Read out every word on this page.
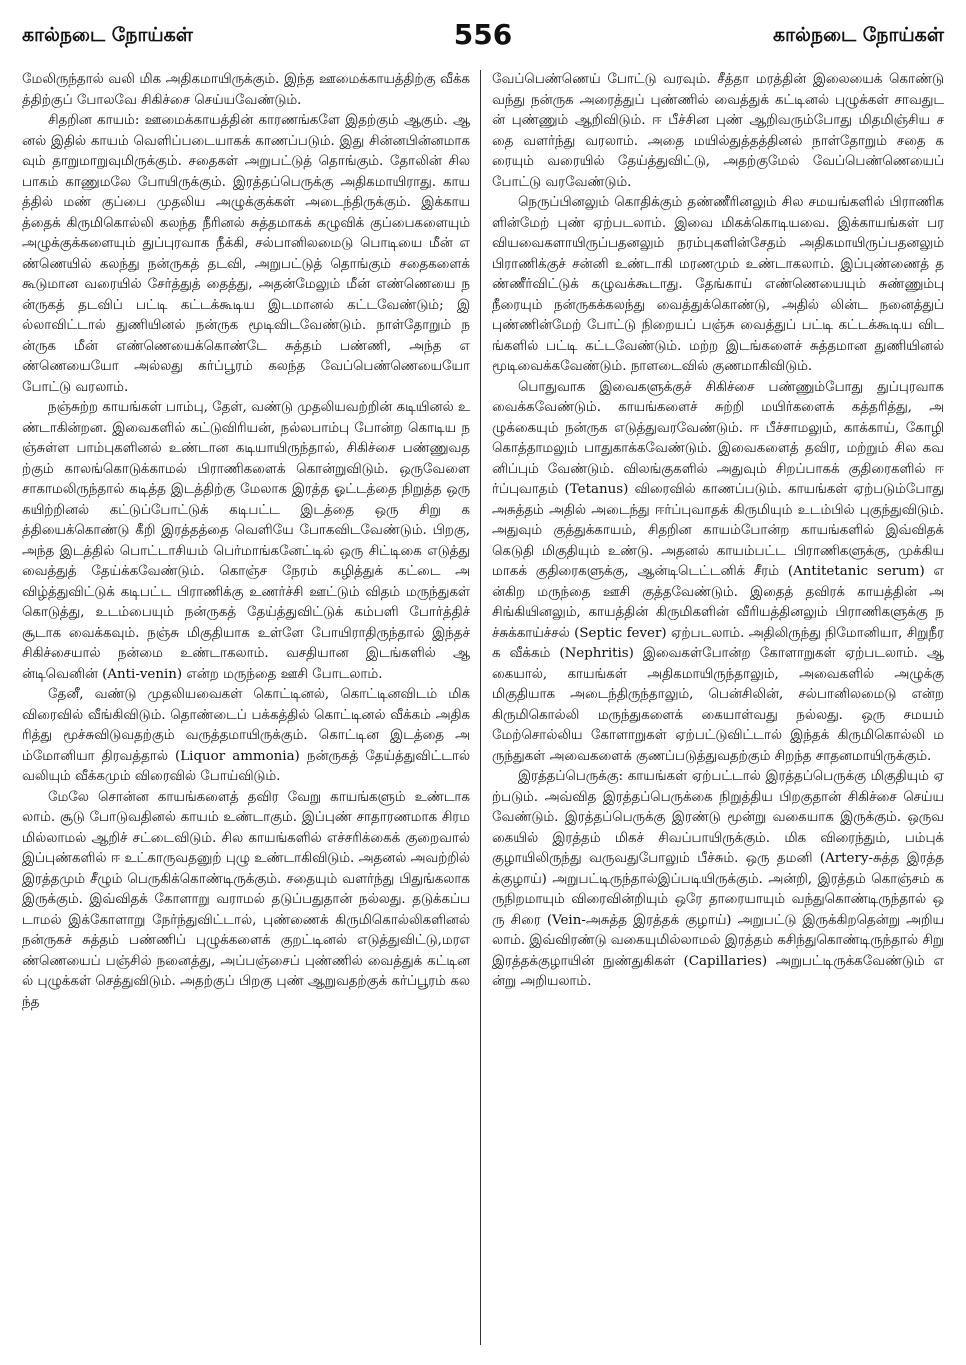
கால்நடை நோய்கள்	556	கால்நடை நோய்கள்

மேலிருந்தால் வலி மிக அதிகமாயிருக்கும். இந்த ஊமைக்காயத்திற்கு வீக்கத்திற்குப் போலவே சிகிச்சை செய்யவேண்டும்.

சிதறின காயம்: ஊமைக்காயத்தின் காரணங்களே இதற்கும் ஆகும். ஆனல் இதில் காயம் வெளிப்படையாகக் காணப்படும். இது சின்னபின்னமாகவும் தாறுமாறுவுமிருக்கும். சதைகள் அறுபட்டுத் தொங்கும். தோலின் சிலபாகம் காணுமலே போயிருக்கும். இரத்தப்பெருக்கு அதிகமாயிராது. காயத்தில் மண் குப்பை முதலிய அழுக்குக்கள் அடைந்திருக்கும். இக்காயத்தைக் கிருமிகொல்லி கலந்த நீரினல் சுத்தமாகக் கழுவிக் குப்பைகளையும் அழுக்குக்களையும் துப்புரவாக நீக்கி, சல்பானிலமைடு பொடியை மீன் எண்ணெயில் கலந்து நன்ருகத் தடவி, அறுபட்டுத் தொங்கும் சதைகளைக் கூடுமான வரையில் சேர்த்துத் தைத்து, அதன்மேலும் மீன் எண்ணெயை நன்ருகத் தடவிப் பட்டி கட்டக்கூடிய இடமானல் கட்டவேண்டும்; இல்லாவிட்டால் துணியினல் நன்ருக மூடிவிடவேண்டும். நாள்தோறும் நன்ருக மீன் எண்ணெயைக்கொண்டே சுத்தம் பண்ணி, அந்த எண்ணெயையோ அல்லது கர்ப்பூரம் கலந்த வேப்பெண்ணெயையோ போட்டு வரலாம்.

நஞ்சுற்ற காயங்கள் பாம்பு, தேள், வண்டு முதலியவற்றின் கடியினல் உண்டாகின்றன. இவைகளில் கட்டுவிரியன், நல்லபாம்பு போன்ற கொடிய நஞ்சுள்ள பாம்புகளினல் உண்டான கடியாயிருந்தால், சிகிச்சை பண்ணுவதற்கும் காலங்கொடுக்காமல் பிராணிகளைக் கொன்றுவிடும். ஒருவேளை சாகாமலிருந்தால் கடித்த இடத்திற்கு மேலாக இரத்த ஓட்டத்தை நிறுத்த ஒரு கயிற்றினல் கட்டுப்போட்டுக் கடிபட்ட இடத்தை ஒரு சிறு கத்தியைக்கொண்டு கீறி இரத்தத்தை வெளியே போகவிடவேண்டும். பிறகு, அந்த இடத்தில் பொட்டாசியம் பெர்மாங்கனேட்டில் ஒரு சிட்டிகை எடுத்து வைத்துத் தேய்க்கவேண்டும். கொஞ்ச நேரம் கழித்துக் கட்டை அவிழ்த்துவிட்டுக் கடிபட்ட பிராணிக்கு உணர்ச்சி ஊட்டும் விதம் மருந்துகள் கொடுத்து, உடம்பையும் நன்ருகத் தேய்த்துவிட்டுக் கம்பளி போர்த்திச் சூடாக வைக்கவும். நஞ்சு மிகுதியாக உள்ளே போயிராதிருந்தால் இந்தச் சிகிச்சையால் நன்மை உண்டாகலாம். வசதியான இடங்களில் ஆன்டிவெனின் (Anti-venin) என்ற மருந்தை ஊசி போடலாம்.

தேனீ, வண்டு முதலியவைகள் கொட்டினல், கொட்டினவிடம் மிக விரைவில் வீங்கிவிடும். தொண்டைப் பக்கத்தில் கொட்டினல் வீக்கம் அதிகரித்து மூச்சுவிடுவதற்கும் வருத்தமாயிருக்கும். கொட்டின இடத்தை அம்மோனியா திரவத்தால் (Liquor ammonia) நன்ருகத் தேய்த்துவிட்டால் வலியும் வீக்கமும் விரைவில் போய்விடும்.

மேலே சொன்ன காயங்களைத் தவிர வேறு காயங்களும் உண்டாகலாம். சூடு போடுவதினல் காயம் உண்டாகும். இப்புண் சாதாரணமாக சிரமமில்லாமல் ஆறிச் சட்டைவிடும். சில காயங்களில் எச்சரிக்கைக் குறைவால் இப்புண்களில் ஈ உட்காருவதனுற் புழு உண்டாகிவிடும். அதனல் அவற்றில் இரத்தமும் சீழும் பெருகிக்கொண்டிருக்கும். சதையும் வளர்ந்து பிதுங்கலாக இருக்கும். இவ்விதக் கோளாறு வராமல் தடுப்பதுதான் நல்லது. தடுக்கப்படாமல் இக்கோளாறு நேர்ந்துவிட்டால், புண்ணைக் கிருமிகொல்லிகளினல் நன்ருகச் சுத்தம் பண்ணிப் புழுக்களைக் குறட்டினல் எடுத்துவிட்டு,மரஎண்ணெயைப் பஞ்சில் நனைத்து, அப்பஞ்சைப் புண்ணில் வைத்துக் கட்டினல் புழுக்கள் செத்துவிடும். அதற்குப் பிறகு புண் ஆறுவதற்குக் கர்ப்பூரம் கலந்த

வேப்பெண்ணெய் போட்டு வரவும். சீத்தா மரத்தின் இலையைக் கொண்டு வந்து நன்ருக அரைத்துப் புண்ணில் வைத்துக் கட்டினல் புழுக்கள் சாவதுடன் புண்ணும் ஆறிவிடும். ஈ பீச்சின புண் ஆறிவரும்போது மிதமிஞ்சிய சதை வளர்ந்து வரலாம். அதை மயில்துத்தத்தினல் நாள்தோறும் சதை கரையும் வரையில் தேய்த்துவிட்டு, அதற்குமேல் வேப்பெண்ணெயைப் போட்டு வரவேண்டும்.

நெருப்பினலும் கொதிக்கும் தண்ணீரினலும் சில சமயங்களில் பிராணிகளின்மேற் புண் ஏற்படலாம். இவை மிகக்கொடியவை. இக்காயங்கள் பரவியவைகளாயிருப்பதனலும் நரம்புகளின்சேதம் அதிகமாயிருப்பதனலும் பிராணிக்குச் சன்னி உண்டாகி மரணமும் உண்டாகலாம். இப்புண்ணைத் தண்ணீர்விட்டுக் கழுவக்கூடாது. தேங்காய் எண்ணெயையும் சுண்ணும்பு நீரையும் நன்ருகக்கலந்து வைத்துக்கொண்டு, அதில் லின்ட நனைத்துப் புண்ணின்மேற் போட்டு நிறையப் பஞ்சு வைத்துப் பட்டி கட்டக்கூடிய விடங்களில் பட்டி கட்டவேண்டும். மற்ற இடங்களைச் சுத்தமான துணியினல் மூடிவைக்கவேண்டும். நாளடைவில் குணமாகிவிடும்.

பொதுவாக இவைகளுக்குச் சிகிச்சை பண்ணும்போது துப்புரவாக வைக்கவேண்டும். காயங்களைச் சுற்றி மயிர்களைக் கத்தரித்து, அழுக்கையும் நன்ருக எடுத்துவரவேண்டும். ஈ பீச்சாமலும், காக்காய், கோழி கொத்தாமலும் பாதுகாக்கவேண்டும். இவைகளைத் தவிர, மற்றும் சில கவனிப்பும் வேண்டும். விலங்குகளில் அதுவும் சிறப்பாகக் குதிரைகளில் ஈர்ப்புவாதம் (Tetanus) விரைவில் காணப்படும். காயங்கள் ஏற்படும்போது அசுத்தம் அதில் அடைந்து ஈர்ப்புவாதக் கிருமியும் உடம்பில் புகுந்துவிடும். அதுவும் குத்துக்காயம், சிதறின காயம்போன்ற காயங்களில் இவ்விதக் கெடுதி மிகுதியும் உண்டு. அதனல் காயம்பட்ட பிராணிகளுக்கு, முக்கியமாகக் குதிரைகளுக்கு, ஆன்டிடெட்டனிக் சீரம் (Antitetanic serum) என்கிற மருந்தை ஊசி குத்தவேண்டும். இதைத் தவிரக் காயத்தின் அசிங்கியினலும், காயத்தின் கிருமிகளின் வீரியத்தினலும் பிராணிகளுக்கு நச்சுக்காய்ச்சல் (Septic fever) ஏற்படலாம். அதிலிருந்து நிமோனியா, சிறுநீரக வீக்கம் (Nephritis) இவைகள்போன்ற கோளாறுகள் ஏற்படலாம். ஆகையால், காயங்கள் அதிகமாயிருந்தாலும், அவைகளில் அழுக்கு மிகுதியாக அடைந்திருந்தாலும், பென்சிலின், சல்பானிலமைடு என்ற கிருமிகொல்லி மருந்துகளைக் கையாள்வது நல்லது. ஒரு சமயம் மேற்சொல்லிய கோளாறுகள் ஏற்பட்டுவிட்டால் இந்தக் கிருமிகொல்லி மருந்துகள் அவைகளைக் குணப்படுத்துவதற்கும் சிறந்த சாதனமாயிருக்கும்.

இரத்தப்பெருக்கு: காயங்கள் ஏற்பட்டால் இரத்தப்பெருக்கு மிகுதியும் ஏற்படும். அவ்வித இரத்தப்பெருக்கை நிறுத்திய பிறகுதான் சிகிச்சை செய்யவேண்டும். இரத்தப்பெருக்கு இரண்டு மூன்று வகையாக இருக்கும். ஒருவகையில் இரத்தம் மிகச் சிவப்பாயிருக்கும். மிக விரைந்தும், பம்புக் குழாயிலிருந்து வருவதுபோலும் பீச்சும். ஒரு தமனி (Artery-சுத்த இரத்தக்குழாய்) அறுபட்டிருந்தால்இப்படியிருக்கும். அன்றி, இரத்தம் கொஞ்சம் கருநிறமாயும் விரைவின்றியும் ஒரே தாரையாயும் வந்துகொண்டிருந்தால் ஒரு சிரை (Vein-அசுத்த இரத்தக் குழாய்) அறுபட்டு இருக்கிறதென்று அறியலாம். இவ்விரண்டு வகையுமில்லாமல் இரத்தம் கசிந்துகொண்டிருந்தால் சிறு இரத்தக்குழாயின் நுண்துகிகள் (Capillaries) அறுபட்டிருக்கவேண்டும் என்று அறியலாம்.
